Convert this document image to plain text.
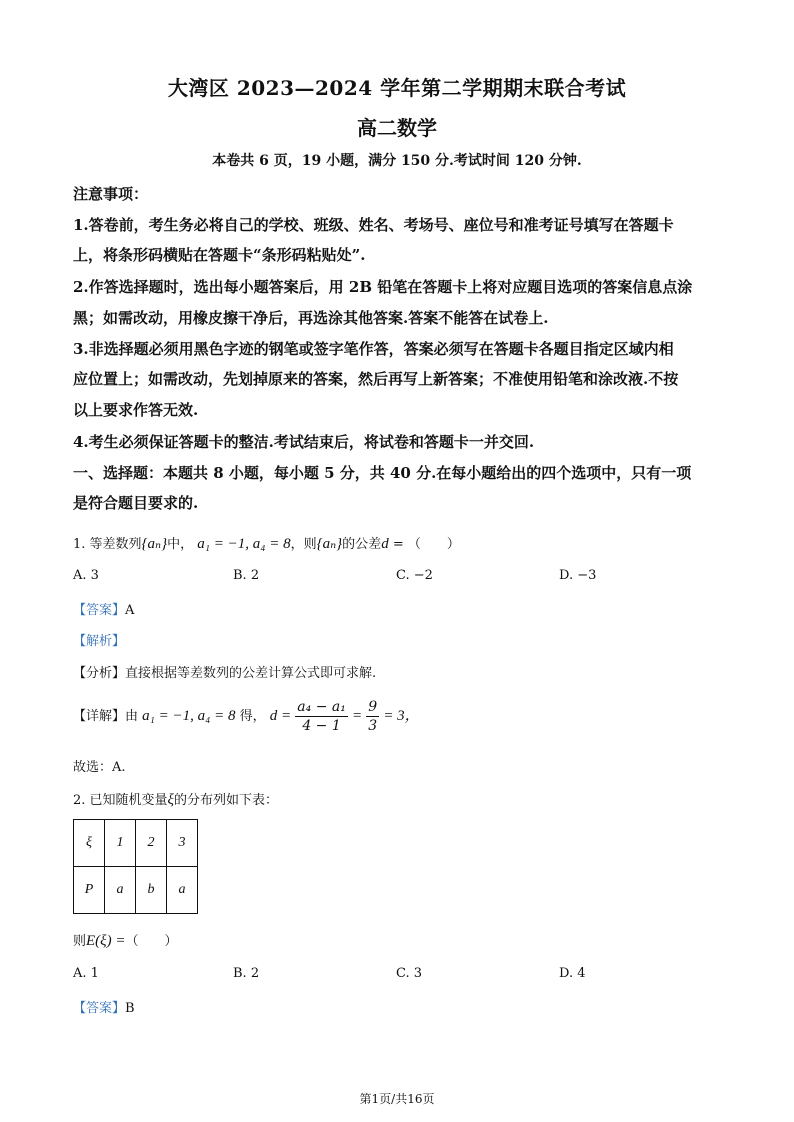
大湾区 2023—2024 学年第二学期期末联合考试
高二数学
本卷共 6 页，19 小题，满分 150 分.考试时间 120 分钟.
注意事项：
1.答卷前，考生务必将自己的学校、班级、姓名、考场号、座位号和准考证号填写在答题卡
上，将条形码横贴在答题卡“条形码粘贴处”.
2.作答选择题时，选出每小题答案后，用 2B 铅笔在答题卡上将对应题目选项的答案信息点涂
黑；如需改动，用橡皮擦干净后，再选涂其他答案.答案不能答在试卷上.
3.非选择题必须用黑色字迹的钢笔或签字笔作答，答案必须写在答题卡各题目指定区域内相
应位置上；如需改动，先划掉原来的答案，然后再写上新答案；不准使用铅笔和涂改液.不按
以上要求作答无效.
4.考生必须保证答题卡的整洁.考试结束后，将试卷和答题卡一并交回.
一、选择题：本题共 8 小题，每小题 5 分，共 40 分.在每小题给出的四个选项中，只有一项
是符合题目要求的.
1. 等差数列{aₙ}中， a₁ = −1, a₄ = 8，则{aₙ}的公差d = （　　）
A. 3	B. 2	C. −2	D. −3
【答案】A
【解析】
【分析】直接根据等差数列的公差计算公式即可求解.
【详解】由 a₁ = −1, a₄ = 8 得， $d = \frac{\text{a₄ − a₁}}{4 - 1} = \frac{9}{3} = 3$，
故选：A.
2. 已知随机变量ξ的分布列如下表：
ξ	1	2	3
P	a	b	a
则E(ξ) =（　　）
A. 1	B. 2	C. 3	D. 4
【答案】B
第1页/共16页
